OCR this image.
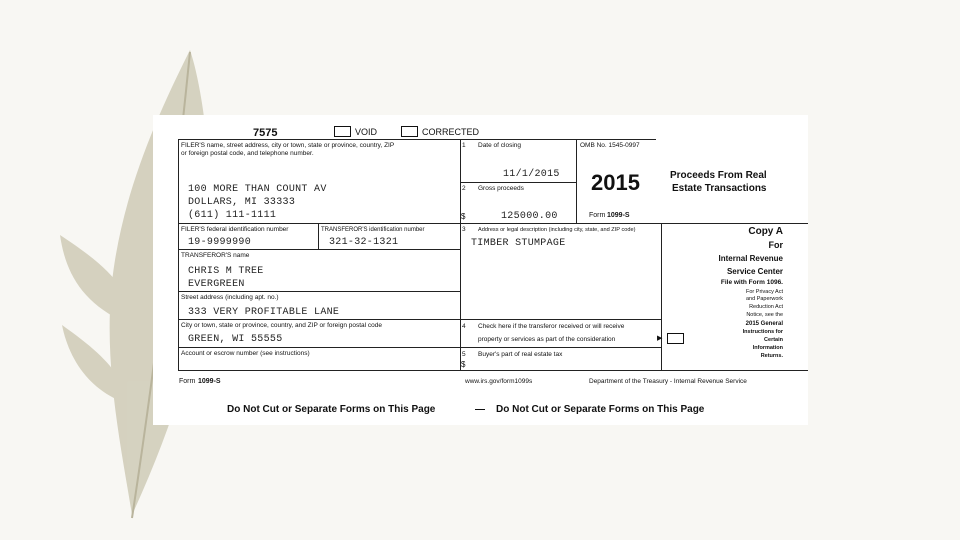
7575	VOID	CORRECTED
FILER'S name, street address, city or town, state or province, country, ZIP
or foreign postal code, and telephone number.
100 MORE THAN COUNT AV
DOLLARS, MI 33333
(611) 111-1111
FILER'S federal identification number
19-9999990
TRANSFEROR'S identification number
321-32-1321
TRANSFEROR'S name
CHRIS M TREE
EVERGREEN
Street address (including apt. no.)
333 VERY PROFITABLE LANE
City or town, state or province, country, and ZIP or foreign postal code
GREEN, WI 55555
Account or escrow number (see instructions)
1 Date of closing
11/1/2015
2 Gross proceeds
$	125000.00
OMB No. 1545-0997
2015
Form 1099-S
Proceeds From Real
Estate Transactions
3 Address or legal description (including city, state, and ZIP code)
TIMBER STUMPAGE
4 Check here if the transferor received or will receive
property or services as part of the consideration	▶
5 Buyer's part of real estate tax
$
Copy A
For
Internal Revenue
Service Center
File with Form 1096.
For Privacy Act
and Paperwork
Reduction Act
Notice, see the
2015 General
Instructions for
Certain
Information
Returns.
Form 1099-S	www.irs.gov/form1099s	Department of the Treasury - Internal Revenue Service
Do Not Cut or Separate Forms on This Page	— Do Not Cut or Separate Forms on This Page
